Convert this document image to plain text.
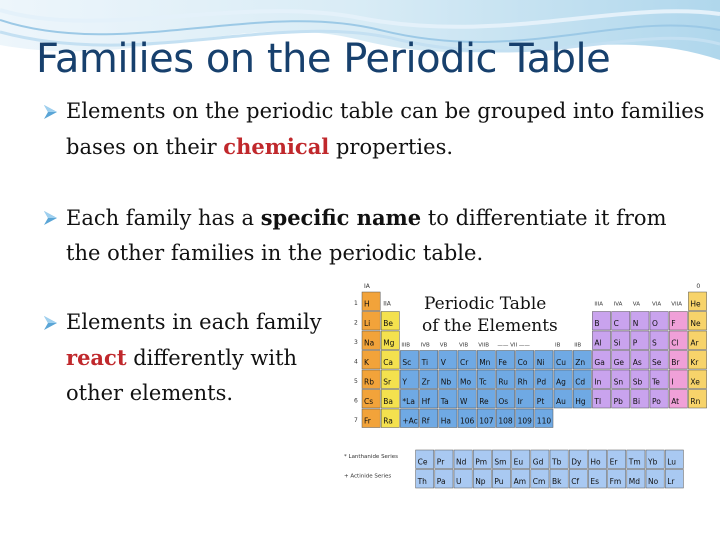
Families on the Periodic Table
Elements on the periodic table can be grouped into families bases on their chemical properties.
Each family has a specific name to differentiate it from the other families in the periodic table.
Elements in each family react differently with other elements.
Periodic Table
of the Elements
IA	0
IIA	IIIA IVA VA VIA VIIA
IIIB IVB VB VIB VIIB —— VII ——	IB	IIB
1
2
3
4
5
6
7
H	He
Li Be	B C N O F Ne
Na Mg	Al Si P S Cl Ar
K Ca Sc Ti V Cr Mn Fe Co Ni Cu Zn Ga Ge As Se Br Kr
Rb Sr Y Zr Nb Mo Tc Ru Rh Pd Ag Cd In Sn Sb Te I Xe
Cs Ba *La Hf Ta W Re Os Ir Pt Au Hg Tl Pb Bi Po At Rn
Fr Ra +Ac Rf Ha 106 107 108 109 110
* Lanthanide Series
+ Actinide Series
Ce Pr Nd Pm Sm Eu Gd Tb Dy Ho Er Tm Yb Lu
Th Pa U Np Pu Am Cm Bk Cf Es Fm Md No Lr
